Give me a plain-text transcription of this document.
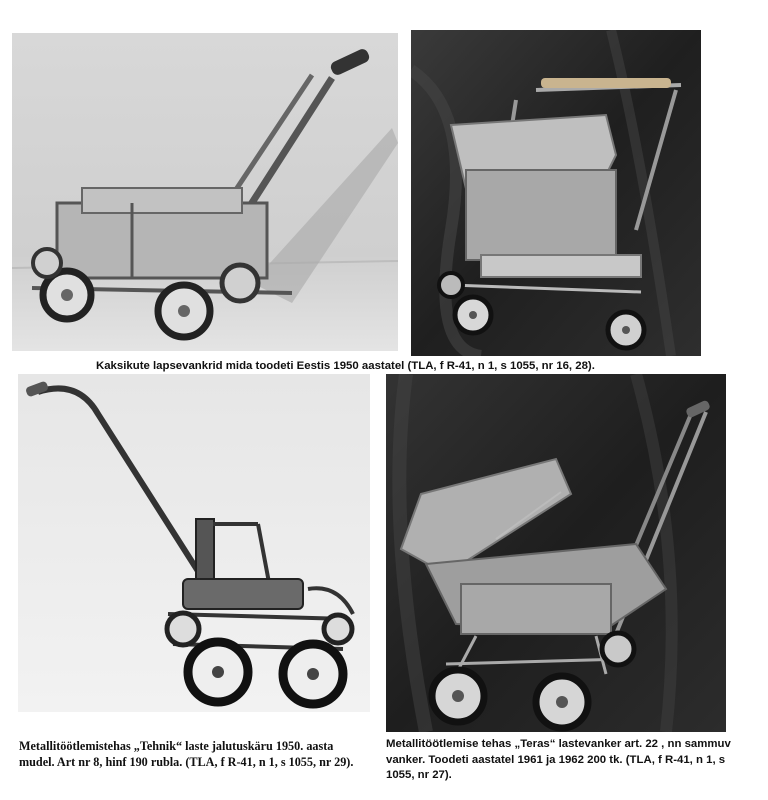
Kaksikute lapsevankrid mida toodeti Eestis 1950 aastatel (TLA, f R-41, n 1, s 1055, nr 16, 28).
Metallitöötlemistehas „Tehnik“ laste jalutuskäru 1950. aasta mudel. Art nr 8, hinf 190 rubla. (TLA, f R-41, n 1, s 1055, nr 29).
Metallitöötlemise tehas „Teras“ lastevanker art. 22 , nn sammuv vanker. Toodeti aastatel 1961 ja 1962 200 tk. (TLA, f R-41, n 1, s 1055, nr 27).
